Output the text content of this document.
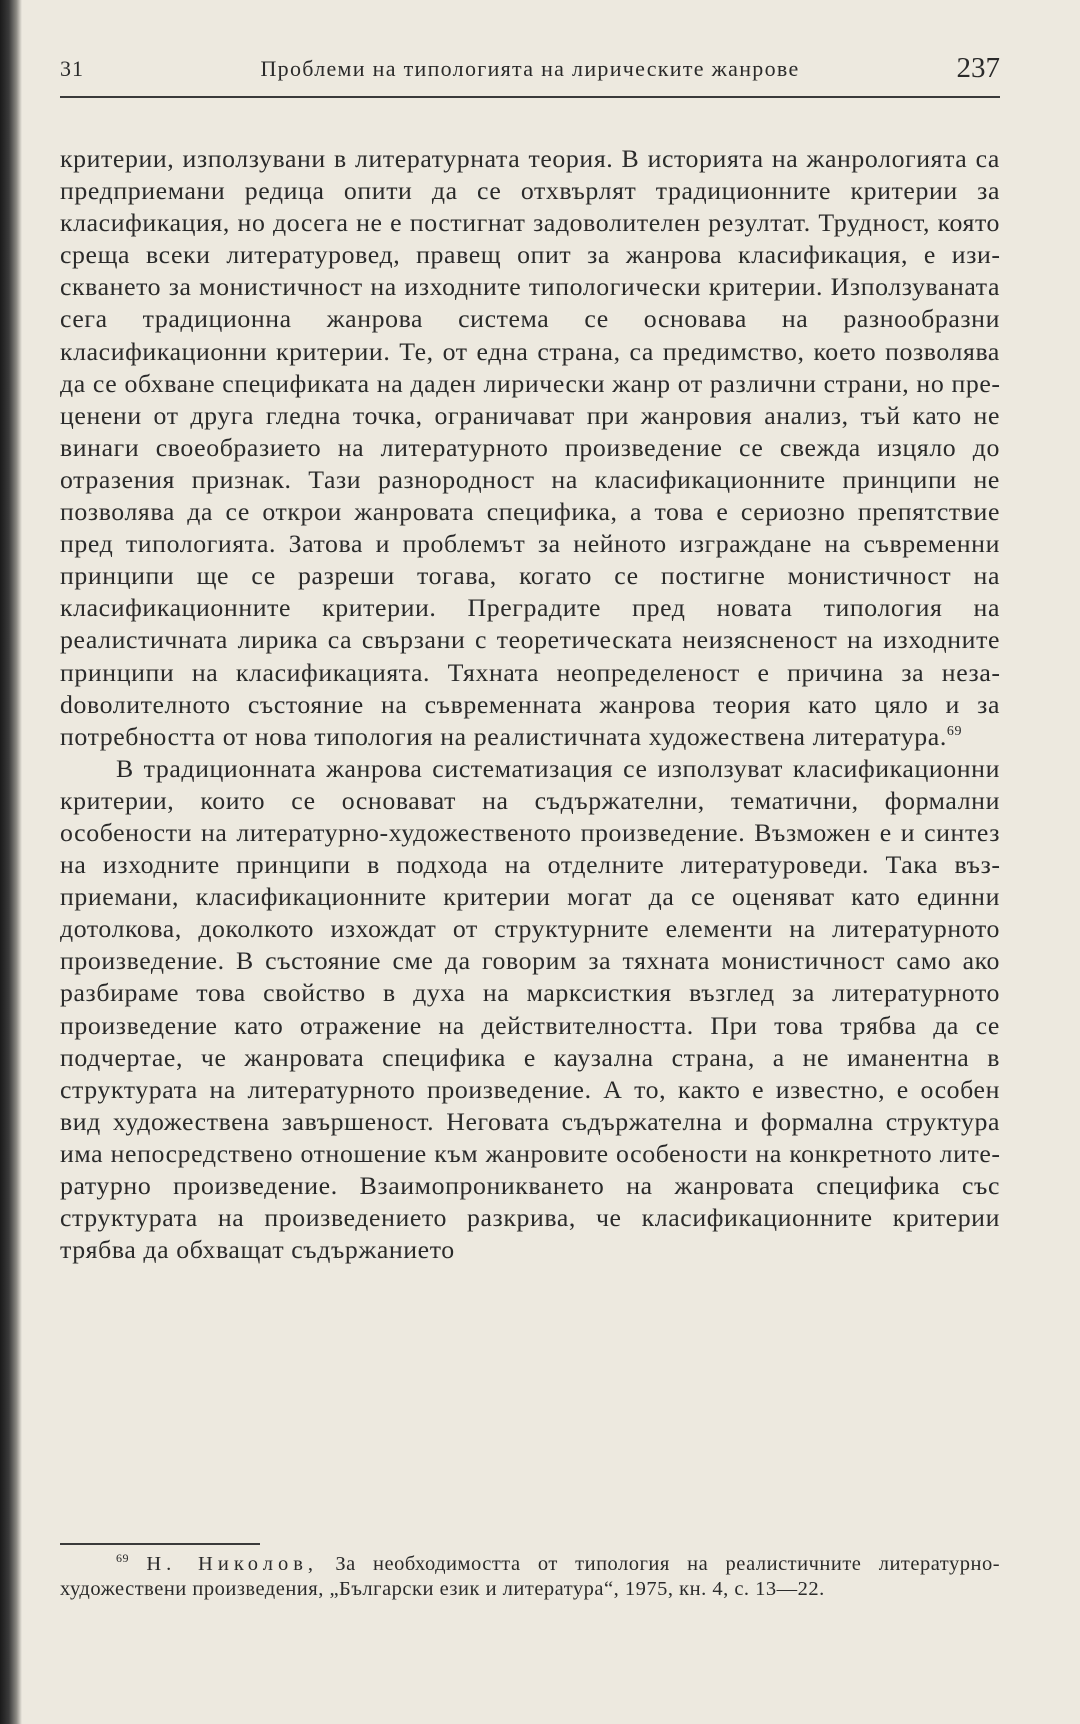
31	Проблеми на типологията на лирическите жанрове	237

критерии, използувани в литературната теория. В историята на жанрологията са предприемани редица опити да се отхвърлят традиционните критерии за класификация, но досега не е постигнат задоволителен резултат. Трудност, която среща всеки литературовед, правещ опит за жанрова класификация, е изискването за монистичност на изходните типологически критерии. Използуваната сега традиционна жанрова система се основава на разнообразни класификационни критерии. Те, от една страна, са предимство, което позволява да се обхване спецификата на даден лирически жанр от различни страни, но преценени от друга гледна точка, ограничават при жанровия анализ, тъй като не винаги своеобразието на литературното произведение се свежда изцяло до отразения признак. Тази разнородност на класификационните принципи не позволява да се открои жанровата специфика, а това е сериозно препятствие пред типологията. Затова и проблемът за нейното изграждане на съвременни принципи ще се разреши тогава, когато се постигне монистичност на класификационните критерии. Преградите пред новата типология на реалистичната лирика са свързани с теоретическата неизясненост на изходните принципи на класификацията. Тяхната неопределеност е причина за незаdоволителното състояние на съвременната жанрова теория като цяло и за потребността от нова типология на реалистичната художествена литература.$^{69}$

В традиционната жанрова систематизация се използуват класификационни критерии, които се основават на съдържателни, тематични, формални особености на литературно-художественото произведение. Възможен е и синтез на изходните принципи в подхода на отделните литературоведи. Така възприемани, класификационните критерии могат да се оценяват като единни дотолкова, доколкото изхождат от структурните елементи на литературното произведение. В състояние сме да говорим за тяхната монистичност само ако разбираме това свойство в духа на марксисткия възглед за литературното произведение като отражение на действителността. При това трябва да се подчертае, че жанровата специфика е каузална страна, а не иманентна в структурата на литературното произведение. А то, както е известно, е особен вид художествена завършеност. Неговата съдържателна и формална структура има непосредствено отношение към жанровите особености на конкретното литературно произведение. Взаимопроникването на жанровата специфика със структурата на произведението разкрива, че класификационните критерии трябва да обхващат съдържанието

$^{69}$ Н. Николов, За необходимостта от типология на реалистичните литературно-художествени произведения, „Български език и литература“, 1975, кн. 4, с. 13—22.
